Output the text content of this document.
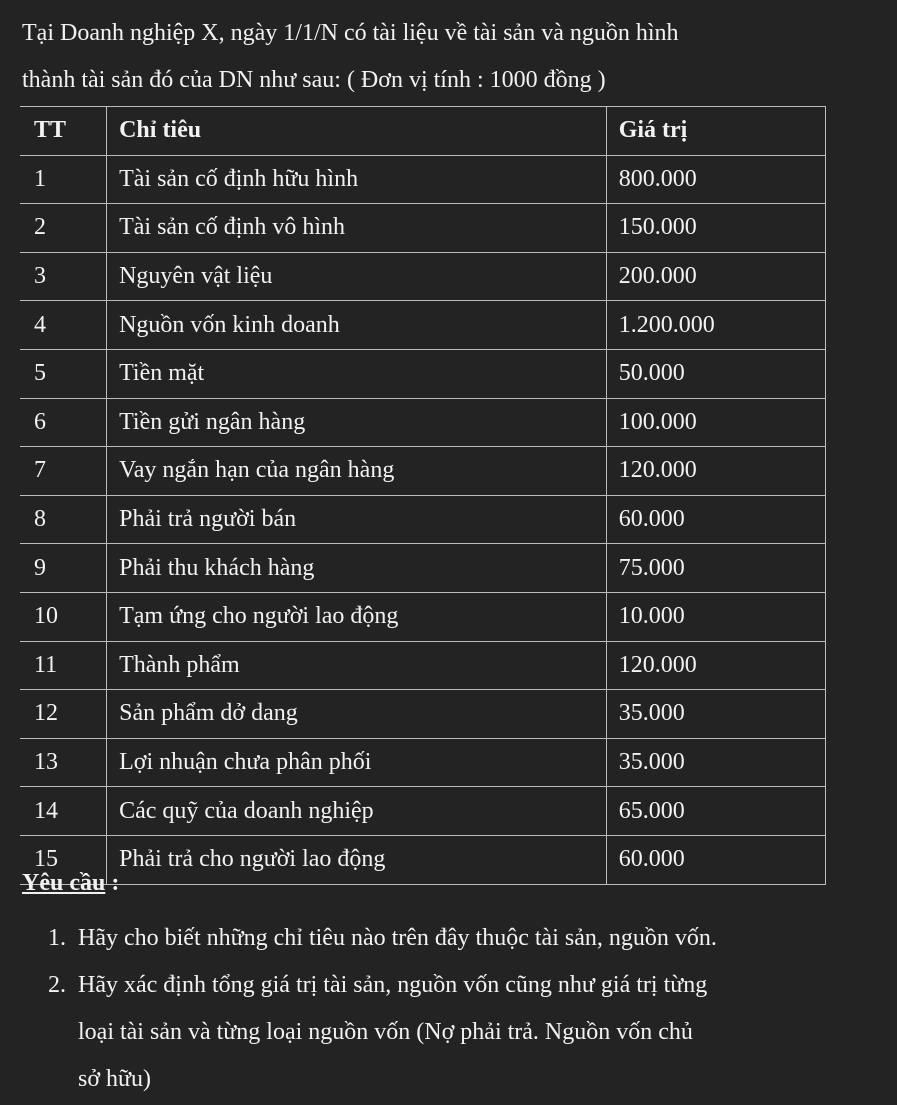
Tại Doanh nghiệp X, ngày 1/1/N có tài liệu về tài sản và nguồn hình

thành tài sản đó của DN như sau: ( Đơn vị tính : 1000 đồng )

TT	Chỉ tiêu	Giá trị
1	Tài sản cố định hữu hình	800.000
2	Tài sản cố định vô hình	150.000
3	Nguyên vật liệu	200.000
4	Nguồn vốn kinh doanh	1.200.000
5	Tiền mặt	50.000
6	Tiền gửi ngân hàng	100.000
7	Vay ngắn hạn của ngân hàng	120.000
8	Phải trả người bán	60.000
9	Phải thu khách hàng	75.000
10	Tạm ứng cho người lao động	10.000
11	Thành phẩm	120.000
12	Sản phẩm dở dang	35.000
13	Lợi nhuận chưa phân phối	35.000
14	Các quỹ của doanh nghiệp	65.000
15	Phải trả cho người lao động	60.000

Yêu cầu :

1. Hãy cho biết những chỉ tiêu nào trên đây thuộc tài sản, nguồn vốn.
2. Hãy xác định tổng giá trị tài sản, nguồn vốn cũng như giá trị từng
loại tài sản và từng loại nguồn vốn (Nợ phải trả. Nguồn vốn chủ
sở hữu)
